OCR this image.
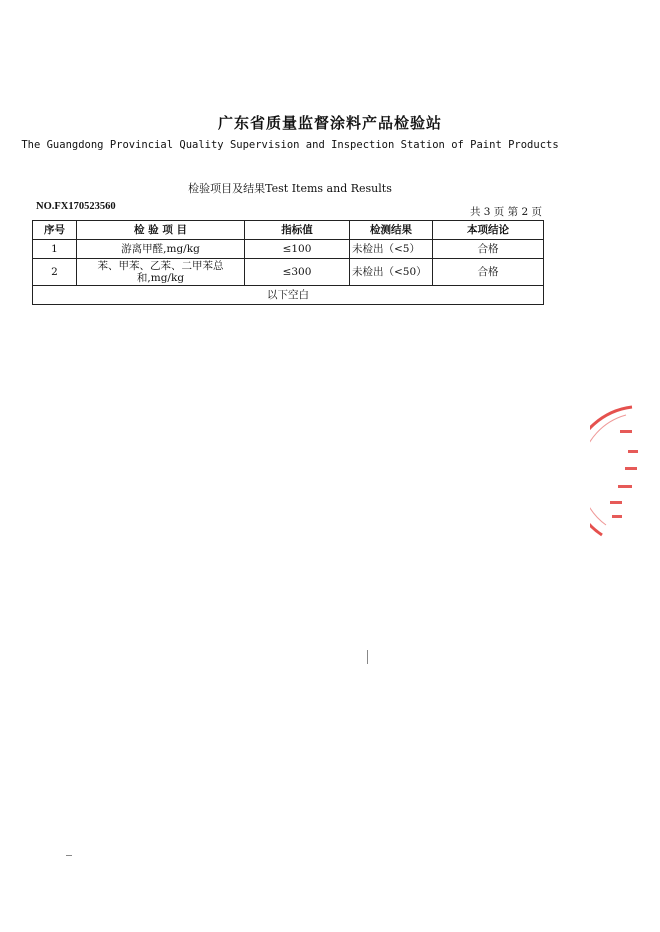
广东省质量监督涂料产品检验站
The Guangdong Provincial Quality Supervision and Inspection Station of Paint Products
检验项目及结果Test Items and Results
NO.FX170523560	共 3 页 第 2 页
序号	检 验 项 目	指标值	检测结果	本项结论
1	游离甲醛,mg/kg	≤100	未检出（<5）	合格
2	苯、甲苯、乙苯、二甲苯总和,mg/kg	≤300	未检出（<50）	合格
以下空白				
